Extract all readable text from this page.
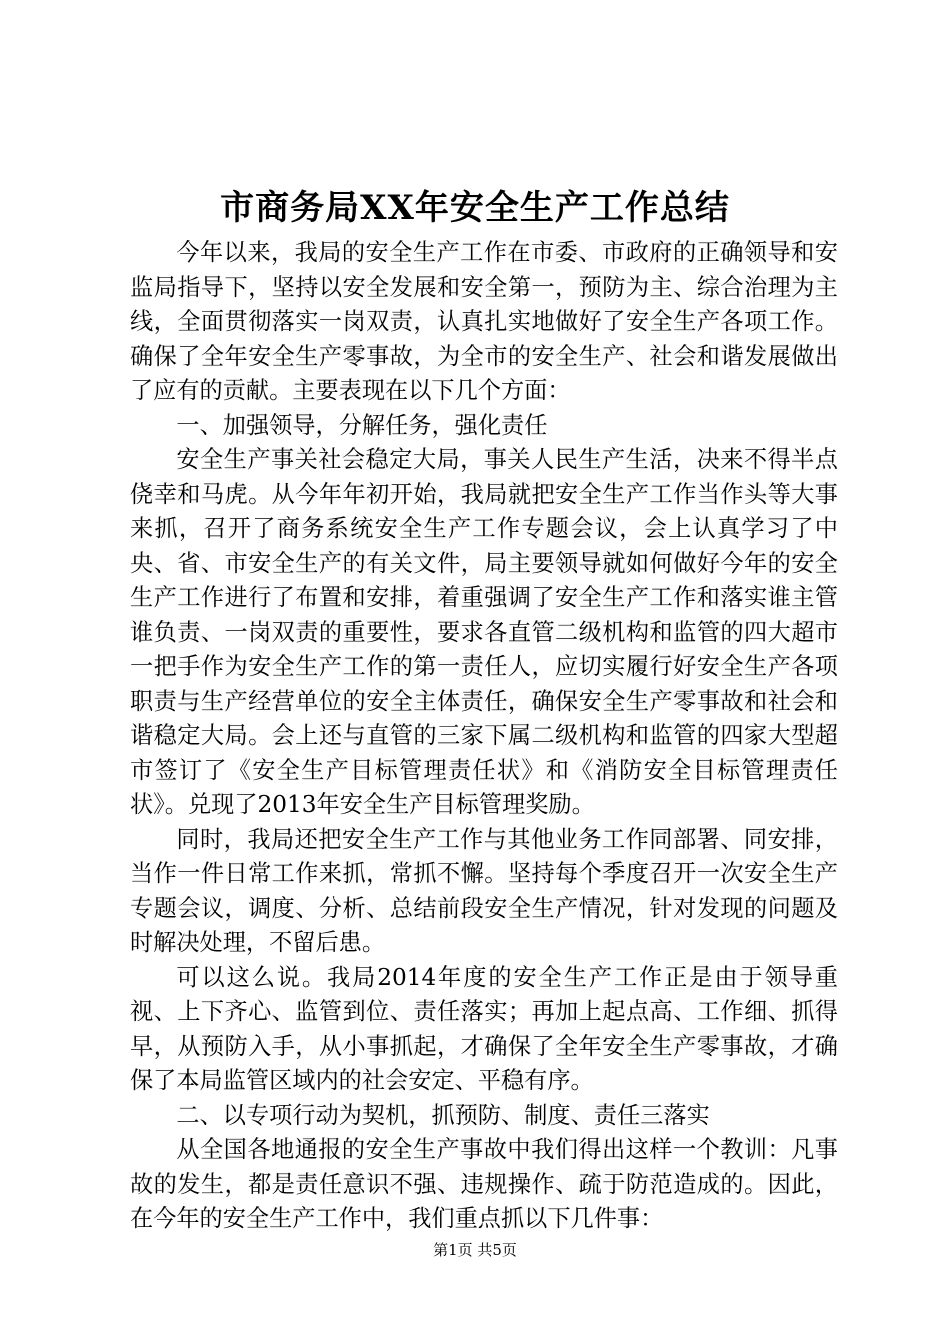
市商务局XX年安全生产工作总结

今年以来，我局的安全生产工作在市委、市政府的正确领导和安监局指导下，坚持以安全发展和安全第一，预防为主、综合治理为主线，全面贯彻落实一岗双责，认真扎实地做好了安全生产各项工作。确保了全年安全生产零事故，为全市的安全生产、社会和谐发展做出了应有的贡献。主要表现在以下几个方面：

一、加强领导，分解任务，强化责任

安全生产事关社会稳定大局，事关人民生产生活，决来不得半点侥幸和马虎。从今年年初开始，我局就把安全生产工作当作头等大事来抓，召开了商务系统安全生产工作专题会议，会上认真学习了中央、省、市安全生产的有关文件，局主要领导就如何做好今年的安全生产工作进行了布置和安排，着重强调了安全生产工作和落实谁主管谁负责、一岗双责的重要性，要求各直管二级机构和监管的四大超市一把手作为安全生产工作的第一责任人，应切实履行好安全生产各项职责与生产经营单位的安全主体责任，确保安全生产零事故和社会和谐稳定大局。会上还与直管的三家下属二级机构和监管的四家大型超市签订了《安全生产目标管理责任状》和《消防安全目标管理责任状》。兑现了2013年安全生产目标管理奖励。

同时，我局还把安全生产工作与其他业务工作同部署、同安排，当作一件日常工作来抓，常抓不懈。坚持每个季度召开一次安全生产专题会议，调度、分析、总结前段安全生产情况，针对发现的问题及时解决处理，不留后患。

可以这么说。我局2014年度的安全生产工作正是由于领导重视、上下齐心、监管到位、责任落实；再加上起点高、工作细、抓得早，从预防入手，从小事抓起，才确保了全年安全生产零事故，才确保了本局监管区域内的社会安定、平稳有序。

二、以专项行动为契机，抓预防、制度、责任三落实

从全国各地通报的安全生产事故中我们得出这样一个教训：凡事故的发生，都是责任意识不强、违规操作、疏于防范造成的。因此，在今年的安全生产工作中，我们重点抓以下几件事：

第1页 共5页
